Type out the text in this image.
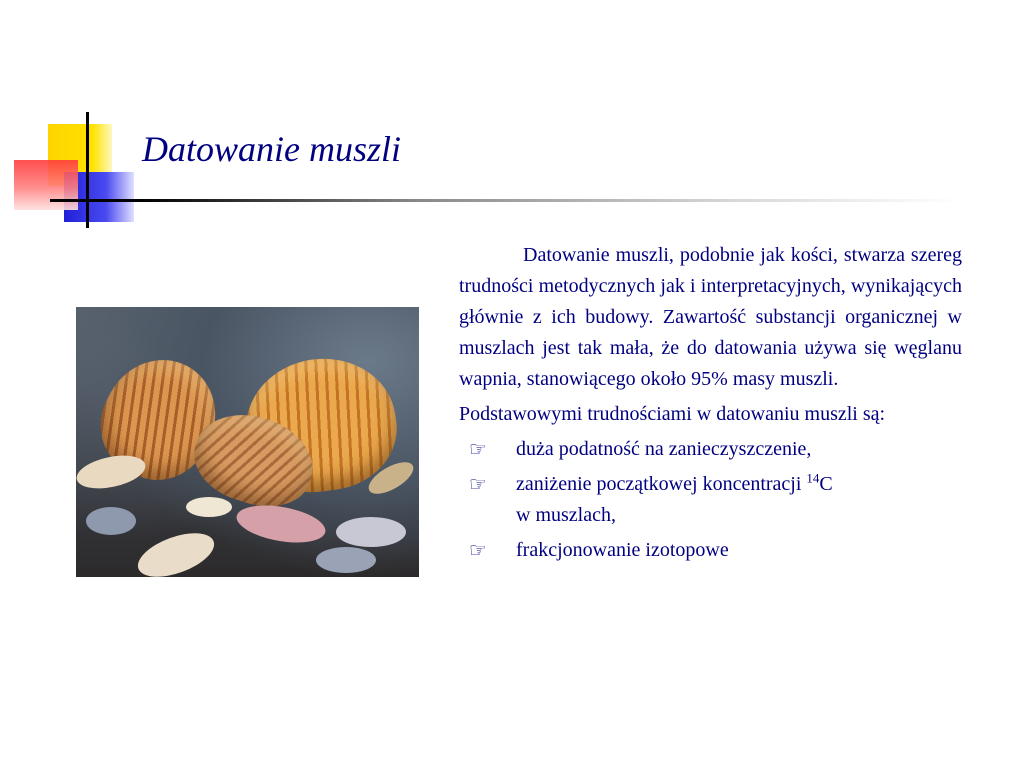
Datowanie muszli

Datowanie muszli, podobnie jak kości, stwarza szereg trudności metodycznych jak i interpretacyjnych, wynikających głównie z ich budowy. Zawartość substancji organicznej w muszlach jest tak mała, że do datowania używa się węglanu wapnia, stanowiącego około 95% masy muszli.

Podstawowymi trudnościami w datowaniu muszli są:

☞	duża podatność na zanieczyszczenie,
☞	zaniżenie początkowej koncentracji $^{14}$C
w muszlach,
☞	frakcjonowanie izotopowe
